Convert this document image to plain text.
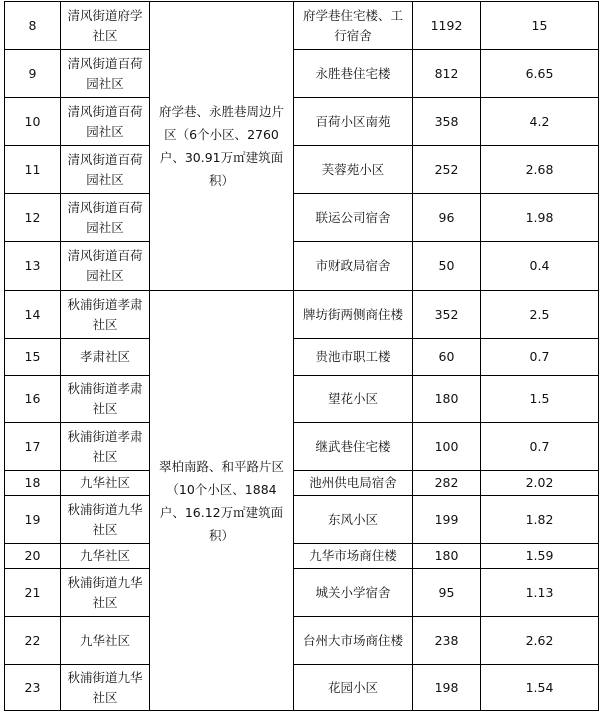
8	清风街道府学社区	府学巷、永胜巷周边片区（6个小区、2760户、30.91万㎡建筑面积）	府学巷住宅楼、工行宿舍	1192	15
9	清风街道百荷园社区		永胜巷住宅楼	812	6.65
10	清风街道百荷园社区		百荷小区南苑	358	4.2
11	清风街道百荷园社区		芙蓉苑小区	252	2.68
12	清风街道百荷园社区		联运公司宿舍	96	1.98
13	清风街道百荷园社区		市财政局宿舍	50	0.4
14	秋浦街道孝肃社区	翠柏南路、和平路片区（10个小区、1884户、16.12万㎡建筑面积）	牌坊街两侧商住楼	352	2.5
15	孝肃社区		贵池市职工楼	60	0.7
16	秋浦街道孝肃社区		望花小区	180	1.5
17	秋浦街道孝肃社区		继武巷住宅楼	100	0.7
18	九华社区		池州供电局宿舍	282	2.02
19	秋浦街道九华社区		东风小区	199	1.82
20	九华社区		九华市场商住楼	180	1.59
21	秋浦街道九华社区		城关小学宿舍	95	1.13
22	九华社区		台州大市场商住楼	238	2.62
23	秋浦街道九华社区		花园小区	198	1.54
